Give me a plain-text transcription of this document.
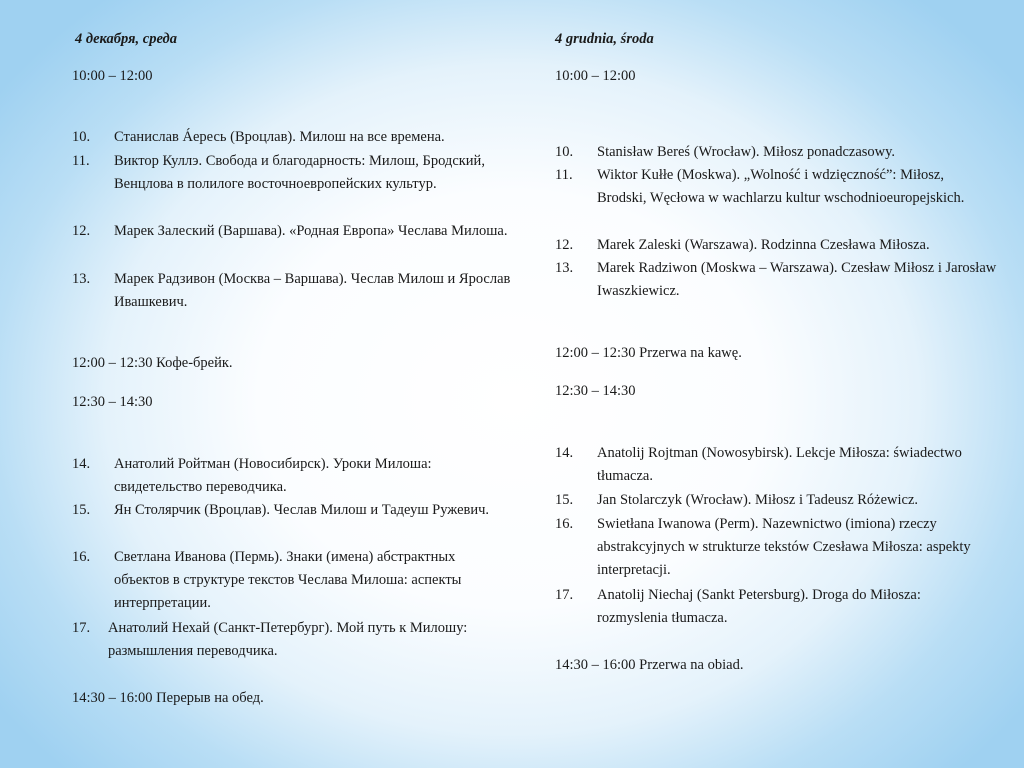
4 декабря, среда
10:00 – 12:00
10.	Станислав Áересь (Вроцлав). Милош на все времена.
11.	Виктор Куллэ. Свобода и благодарность: Милош, Бродский, Венцлова в полилоге восточноевропейских культур.
12.	Марек Залеский (Варшава). «Родная Европа» Чеслава Милоша.
13.	Марек Радзивон (Москва – Варшава). Чеслав Милош и Ярослав Ивашкевич.
12:00 – 12:30 Кофе-брейк.
12:30 – 14:30
14.	Анатолий Ройтман (Новосибирск). Уроки Милоша: свидетельство переводчика.
15.	Ян Столярчик (Вроцлав). Чеслав Милош и Тадеуш Ружевич.
16.	Светлана Иванова (Пермь). Знаки (имена) абстрактных объектов в структуре текстов Чеслава Милоша: аспекты интерпретации.
17.	Анатолий Нехай (Санкт-Петербург). Мой путь к Милошу: размышления переводчика.
14:30 – 16:00 Перерыв на обед.
4 grudnia, środa
10:00 – 12:00
10.	Stanisław Bereś (Wrocław). Miłosz ponadczasowy.
11.	Wiktor Kułłe (Moskwa). „Wolność i wdzięczność”: Miłosz, Brodski, Węcłowa w wachlarzu kultur wschodnioeuropejskich.
12.	Marek Zaleski (Warszawa). Rodzinna Czesława Miłosza.
13.	Marek Radziwon (Moskwa – Warszawa). Czesław Miłosz i Jarosław Iwaszkiewicz.
12:00 – 12:30 Przerwa na kawę.
12:30 – 14:30
14.	Anatolij Rojtman (Nowosybirsk). Lekcje Miłosza: świadectwo tłumacza.
15.	Jan Stolarczyk (Wrocław). Miłosz i Tadeusz Różewicz.
16.	Swietłana Iwanowa (Perm). Nazewnictwo (imiona) rzeczy abstrakcyjnych w strukturze tekstów Czesława Miłosza: aspekty interpretacji.
17.	Anatolij Niechaj (Sankt Petersburg). Droga do Miłosza: rozmyslenia tłumacza.
14:30 – 16:00 Przerwa na obiad.
